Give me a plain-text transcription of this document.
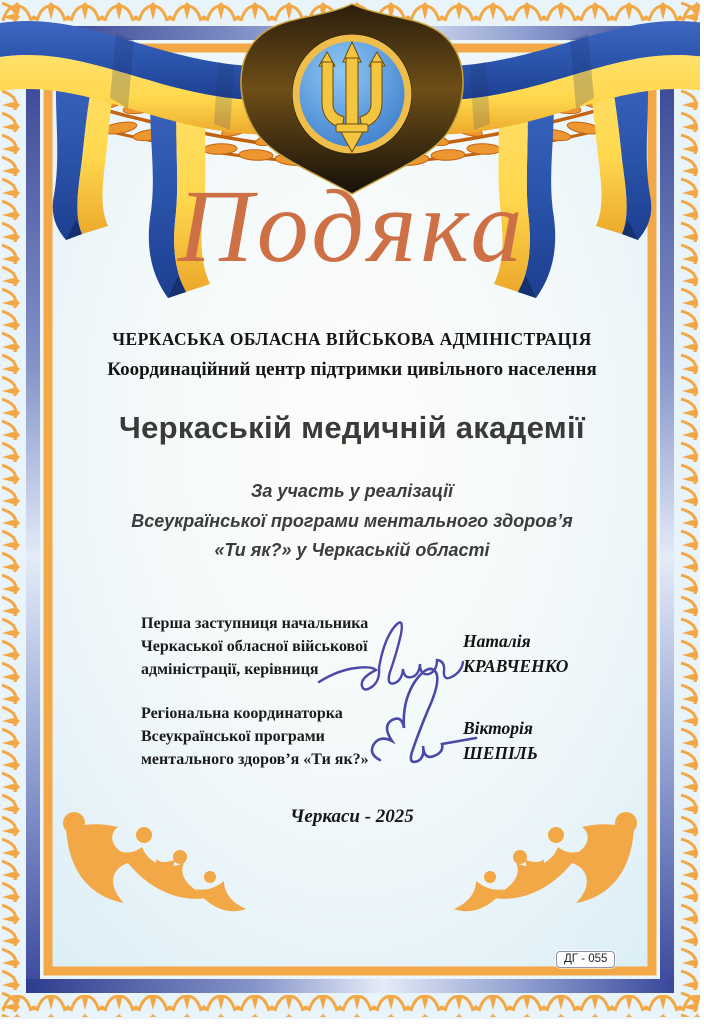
Подяка
ЧЕРКАСЬКА ОБЛАСНА ВІЙСЬКОВА АДМІНІСТРАЦІЯ
Координаційний центр підтримки цивільного населення
Черкаській медичній академії
За участь у реалізації
Всеукраїнської програми ментального здоров’я
«Ти як?» у Черкаській області
Перша заступниця начальника
Черкаської обласної військової
адміністрації, керівниця
Наталія
КРАВЧЕНКО
Регіональна координаторка
Всеукраїнської програми
ментального здоров’я «Ти як?»
Вікторія
ШЕПІЛЬ
Черкаси - 2025
ДГ - 055
